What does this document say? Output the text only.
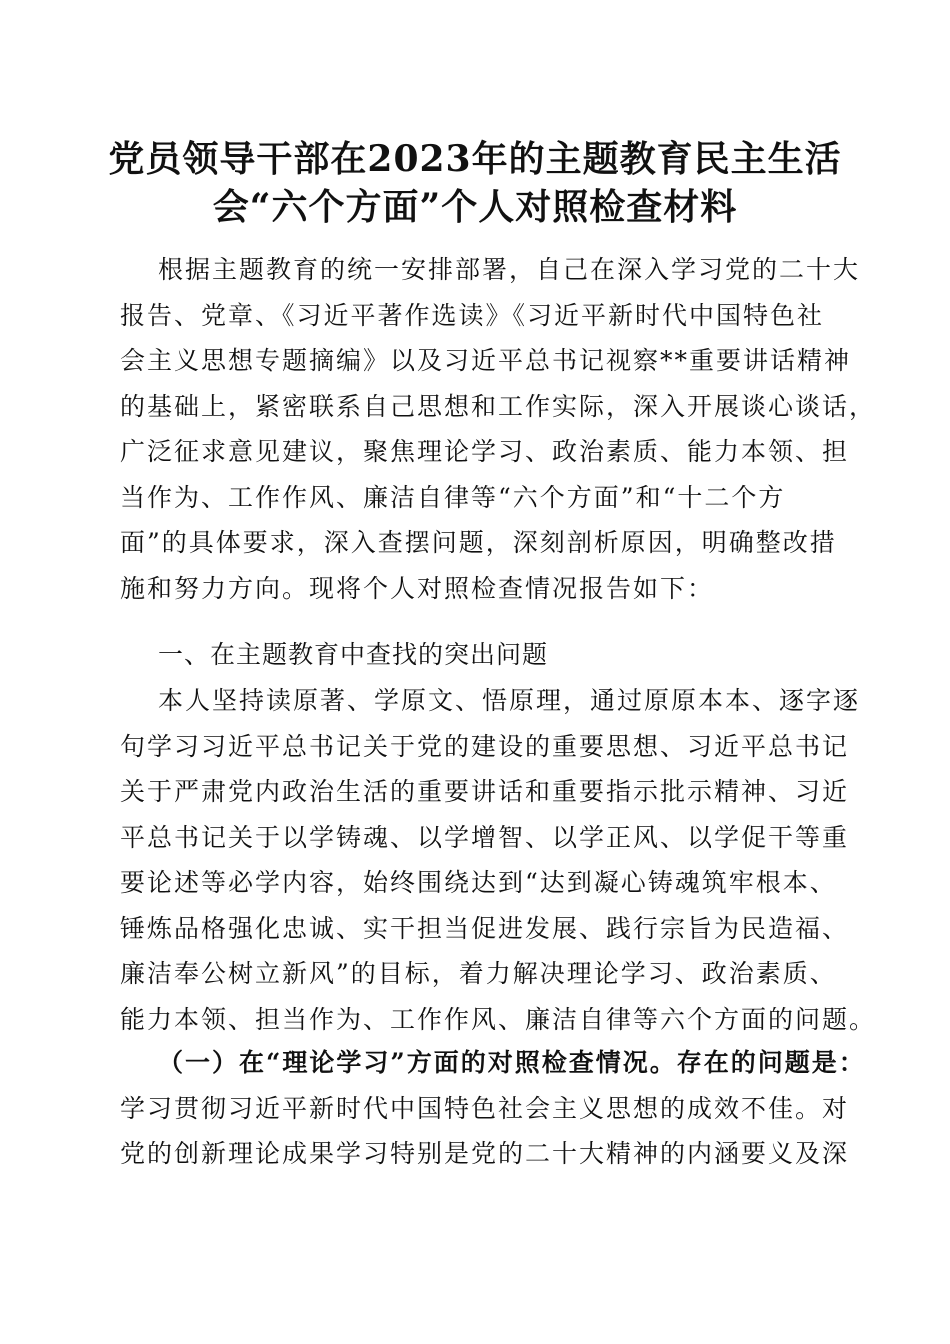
党员领导干部在2023年的主题教育民主生活
会“六个方面”个人对照检查材料
根据主题教育的统一安排部署，自己在深入学习党的二十大
报告、党章、《习近平著作选读》《习近平新时代中国特色社
会主义思想专题摘编》以及习近平总书记视察**重要讲话精神
的基础上，紧密联系自己思想和工作实际，深入开展谈心谈话，
广泛征求意见建议，聚焦理论学习、政治素质、能力本领、担
当作为、工作作风、廉洁自律等“六个方面”和“十二个方
面”的具体要求，深入查摆问题，深刻剖析原因，明确整改措
施和努力方向。现将个人对照检查情况报告如下：
一、在主题教育中查找的突出问题
本人坚持读原著、学原文、悟原理，通过原原本本、逐字逐
句学习习近平总书记关于党的建设的重要思想、习近平总书记
关于严肃党内政治生活的重要讲话和重要指示批示精神、习近
平总书记关于以学铸魂、以学增智、以学正风、以学促干等重
要论述等必学内容，始终围绕达到“达到凝心铸魂筑牢根本、
锤炼品格强化忠诚、实干担当促进发展、践行宗旨为民造福、
廉洁奉公树立新风”的目标，着力解决理论学习、政治素质、
能力本领、担当作为、工作作风、廉洁自律等六个方面的问题。
（一）在“理论学习”方面的对照检查情况。存在的问题是：
学习贯彻习近平新时代中国特色社会主义思想的成效不佳。对
党的创新理论成果学习特别是党的二十大精神的内涵要义及深
